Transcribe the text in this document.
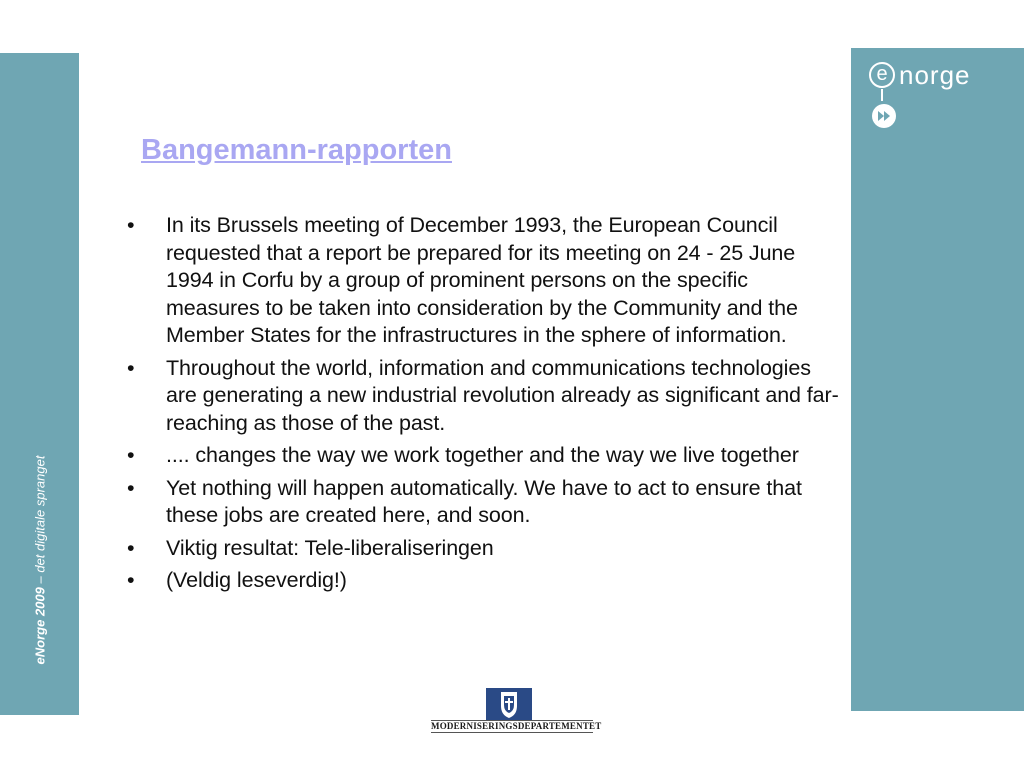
eNorge 2009 – det digitale spranget
e norge
Bangemann-rapporten
• In its Brussels meeting of December 1993, the European Council requested that a report be prepared for its meeting on 24 - 25 June 1994 in Corfu by a group of prominent persons on the specific measures to be taken into consideration by the Community and the Member States for the infrastructures in the sphere of information.
• Throughout the world, information and communications technologies are generating a new industrial revolution already as significant and far-reaching as those of the past.
• .... changes the way we work together and the way we live together
• Yet nothing will happen automatically. We have to act to ensure that these jobs are created here, and soon.
• Viktig resultat: Tele-liberaliseringen
• (Veldig leseverdig!)
MODERNISERINGSDEPARTEMENTET
